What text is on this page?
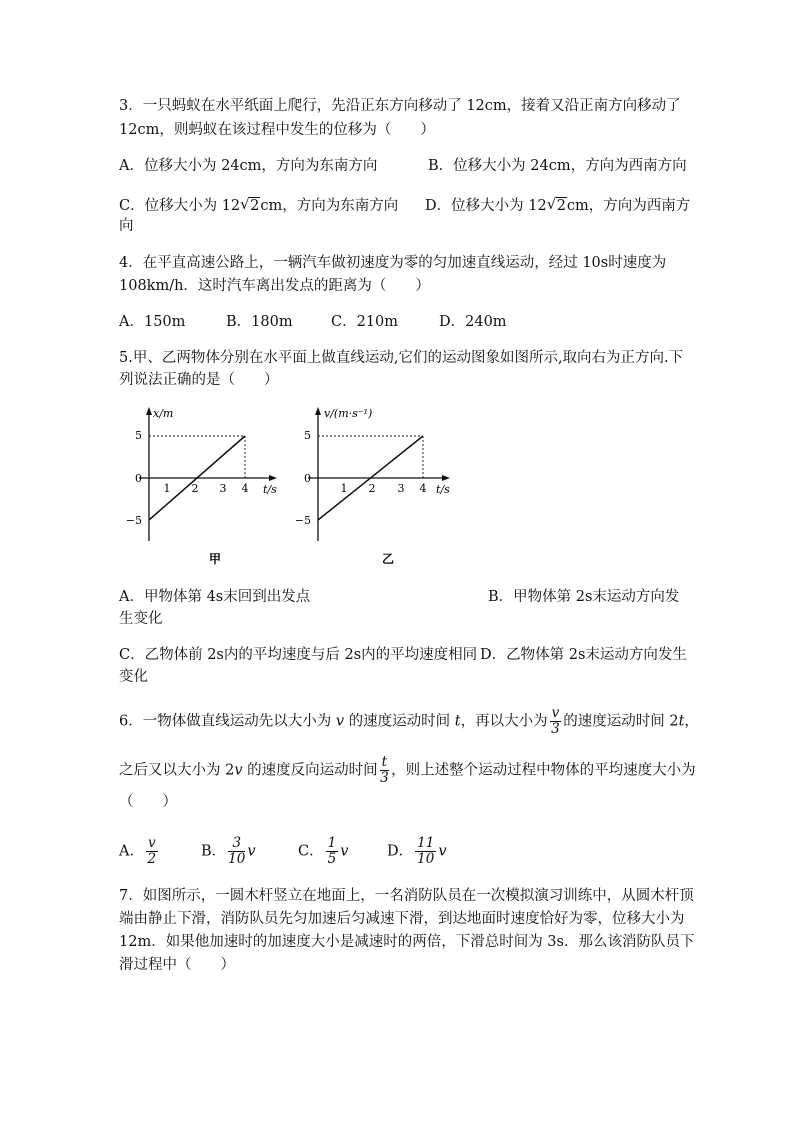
3．一只蚂蚁在水平纸面上爬行，先沿正东方向移动了 12cm，接着又沿正南方向移动了
12cm，则蚂蚁在该过程中发生的位移为（　　）
A．位移大小为 24cm，方向为东南方向	B．位移大小为 24cm，方向为西南方向
C．位移大小为 12 √ 2cm，方向为东南方向 D．位移大小为 12 √ 2cm，方向为西南方
向
4．在平直高速公路上，一辆汽车做初速度为零的匀加速直线运动，经过 10s时速度为
108km/h．这时汽车离出发点的距离为（　　）
A．150m	B．180m	C．210m	D．240m
5.甲、乙两物体分别在水平面上做直线运动,它们的运动图象如图所示,取向右为正方向.下
列说法正确的是（　　）
x/m
t/s
5
0
−5
1 2 3 4
甲
v/(m·s⁻¹)
t/s
5
0
−5
1 2 3 4
乙
A．甲物体第 4s末回到出发点	B．甲物体第 2s末运动方向发
生变化
C．乙物体前 2s内的平均速度与后 2s内的平均速度相同 D．乙物体第 2s末运动方向发生
变化
6．一物体做直线运动先以大小为 v 的速度运动时间 t，再以大小为 $\frac{v}{3}$ 的速度运动时间 2t，
之后又以大小为 2v 的速度反向运动时间 $\frac{t}{3}$ ，则上述整个运动过程中物体的平均速度大小为
（　　）
A． $\frac{v}{2}$	B． $\frac{3}{10}$ v	C． $\frac{1}{5}$ v	D． $\frac{11}{10}$ v
7．如图所示，一圆木杆竖立在地面上，一名消防队员在一次模拟演习训练中，从圆木杆顶
端由静止下滑，消防队员先匀加速后匀减速下滑，到达地面时速度恰好为零，位移大小为
12m．如果他加速时的加速度大小是减速时的两倍，下滑总时间为 3s．那么该消防队员下
滑过程中（　　）
